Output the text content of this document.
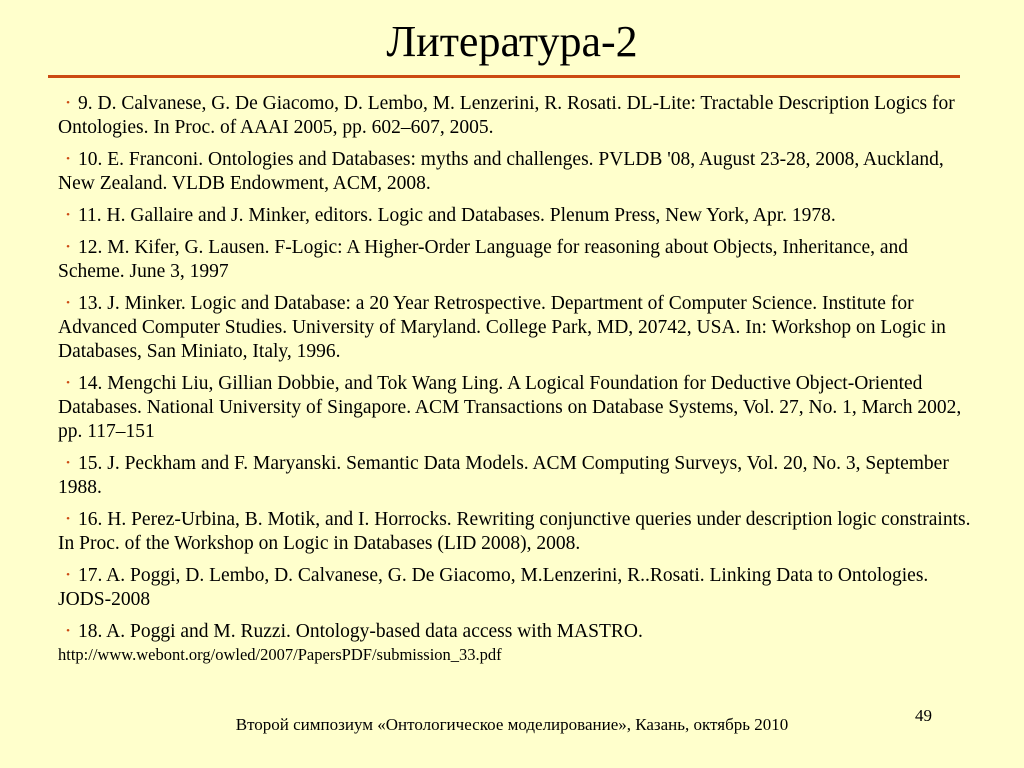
Литература-2
• 9. D. Calvanese, G. De Giacomo, D. Lembo, M. Lenzerini, R. Rosati. DL-Lite: Tractable Description Logics for Ontologies. In Proc. of AAAI 2005, pp. 602–607, 2005.
• 10. E. Franconi. Ontologies and Databases: myths and challenges. PVLDB '08, August 23-28, 2008, Auckland, New Zealand. VLDB Endowment, ACM, 2008.
• 11. H. Gallaire and J. Minker, editors. Logic and Databases. Plenum Press, New York, Apr. 1978.
• 12. M. Kifer, G. Lausen. F-Logic: A Higher-Order Language for reasoning about Objects, Inheritance, and Scheme. June 3, 1997
• 13. J. Minker. Logic and Database: a 20 Year Retrospective. Department of Computer Science. Institute for Advanced Computer Studies. University of Maryland. College Park, MD, 20742, USA. In: Workshop on Logic in Databases, San Miniato, Italy, 1996.
• 14. Mengchi Liu, Gillian Dobbie, and Tok Wang Ling. A Logical Foundation for Deductive Object-Oriented Databases. National University of Singapore. ACM Transactions on Database Systems, Vol. 27, No. 1, March 2002, pp. 117–151
• 15. J. Peckham and F. Maryanski. Semantic Data Models. ACM Computing Surveys, Vol. 20, No. 3, September 1988.
• 16. H. Perez-Urbina, B. Motik, and I. Horrocks. Rewriting conjunctive queries under description logic constraints. In Proc. of the Workshop on Logic in Databases (LID 2008), 2008.
• 17. A. Poggi, D. Lembo, D. Calvanese, G. De Giacomo, M.Lenzerini, R..Rosati. Linking Data to Ontologies. JODS-2008
• 18. A. Poggi and M. Ruzzi. Ontology-based data access with MASTRO.
http://www.webont.org/owled/2007/PapersPDF/submission_33.pdf
Второй симпозиум «Онтологическое моделирование», Казань, октябрь 2010	49
